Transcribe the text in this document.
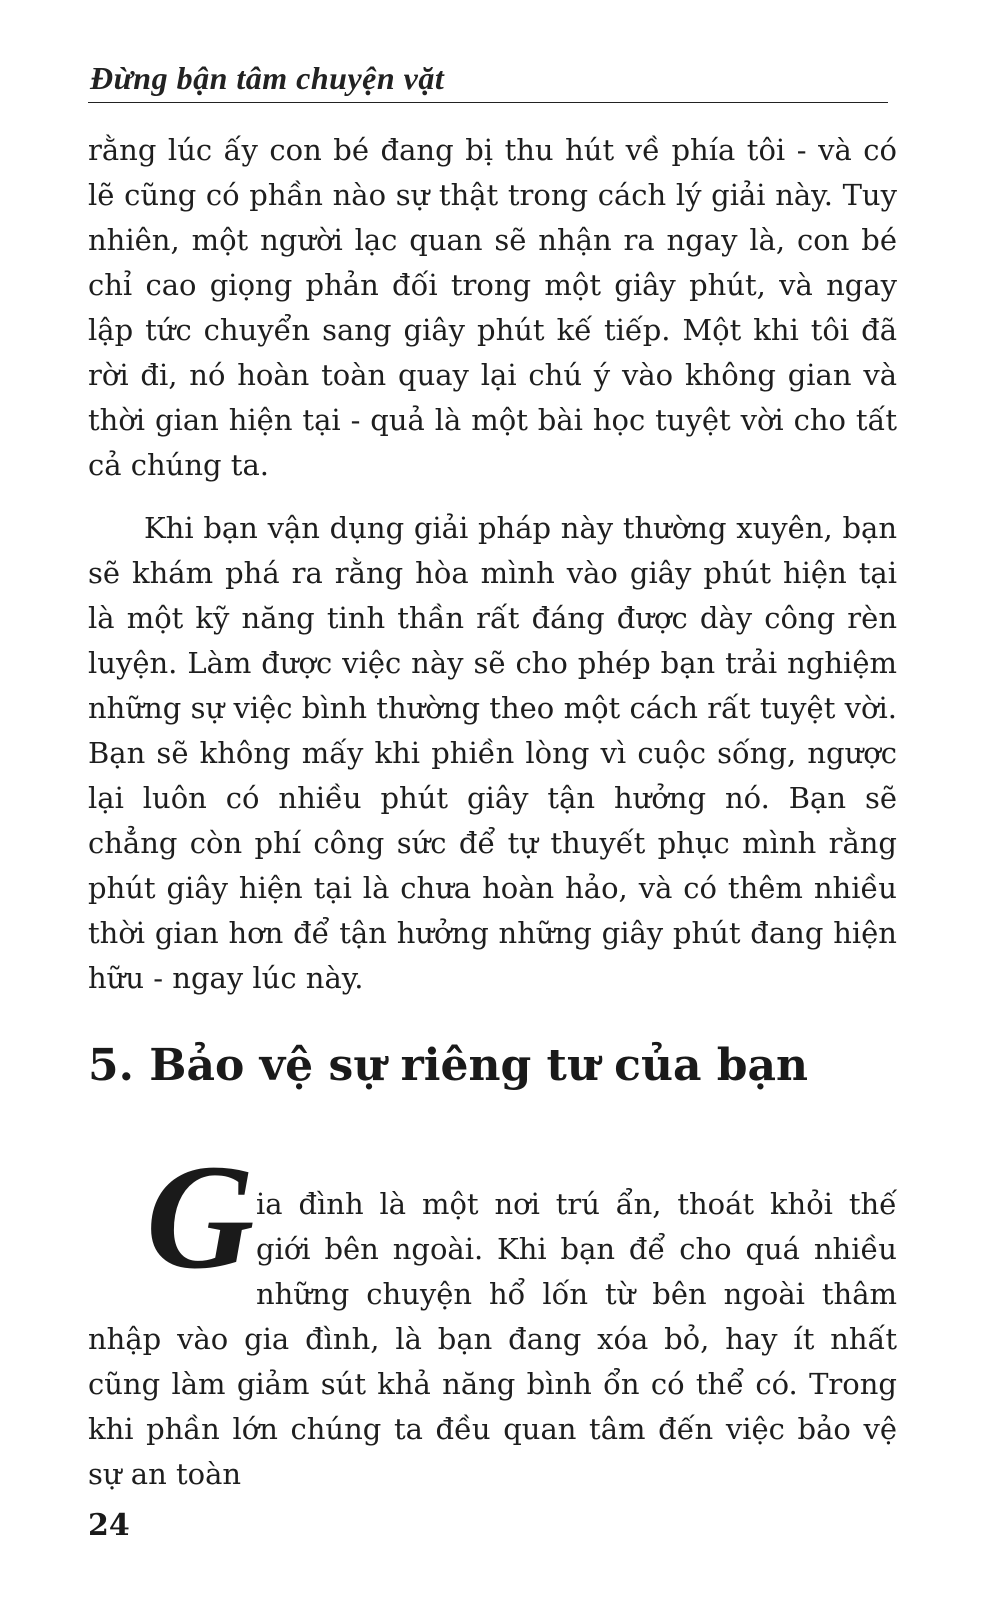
Đừng bận tâm chuyện vặt

rằng lúc ấy con bé đang bị thu hút về phía tôi - và có lẽ cũng có phần nào sự thật trong cách lý giải này. Tuy nhiên, một người lạc quan sẽ nhận ra ngay là, con bé chỉ cao giọng phản đối trong một giây phút, và ngay lập tức chuyển sang giây phút kế tiếp. Một khi tôi đã rời đi, nó hoàn toàn quay lại chú ý vào không gian và thời gian hiện tại - quả là một bài học tuyệt vời cho tất cả chúng ta.

Khi bạn vận dụng giải pháp này thường xuyên, bạn sẽ khám phá ra rằng hòa mình vào giây phút hiện tại là một kỹ năng tinh thần rất đáng được dày công rèn luyện. Làm được việc này sẽ cho phép bạn trải nghiệm những sự việc bình thường theo một cách rất tuyệt vời. Bạn sẽ không mấy khi phiền lòng vì cuộc sống, ngược lại luôn có nhiều phút giây tận hưởng nó. Bạn sẽ chẳng còn phí công sức để tự thuyết phục mình rằng phút giây hiện tại là chưa hoàn hảo, và có thêm nhiều thời gian hơn để tận hưởng những giây phút đang hiện hữu - ngay lúc này.

5. Bảo vệ sự riêng tư của bạn
G ia đình là một nơi trú ẩn, thoát khỏi thế giới bên ngoài. Khi bạn để cho quá nhiều những chuyện hổ lốn từ bên ngoài thâm nhập vào gia đình, là bạn đang xóa bỏ, hay ít nhất cũng làm giảm sút khả năng bình ổn có thể có. Trong khi phần lớn chúng ta đều quan tâm đến việc bảo vệ sự an toàn

24
